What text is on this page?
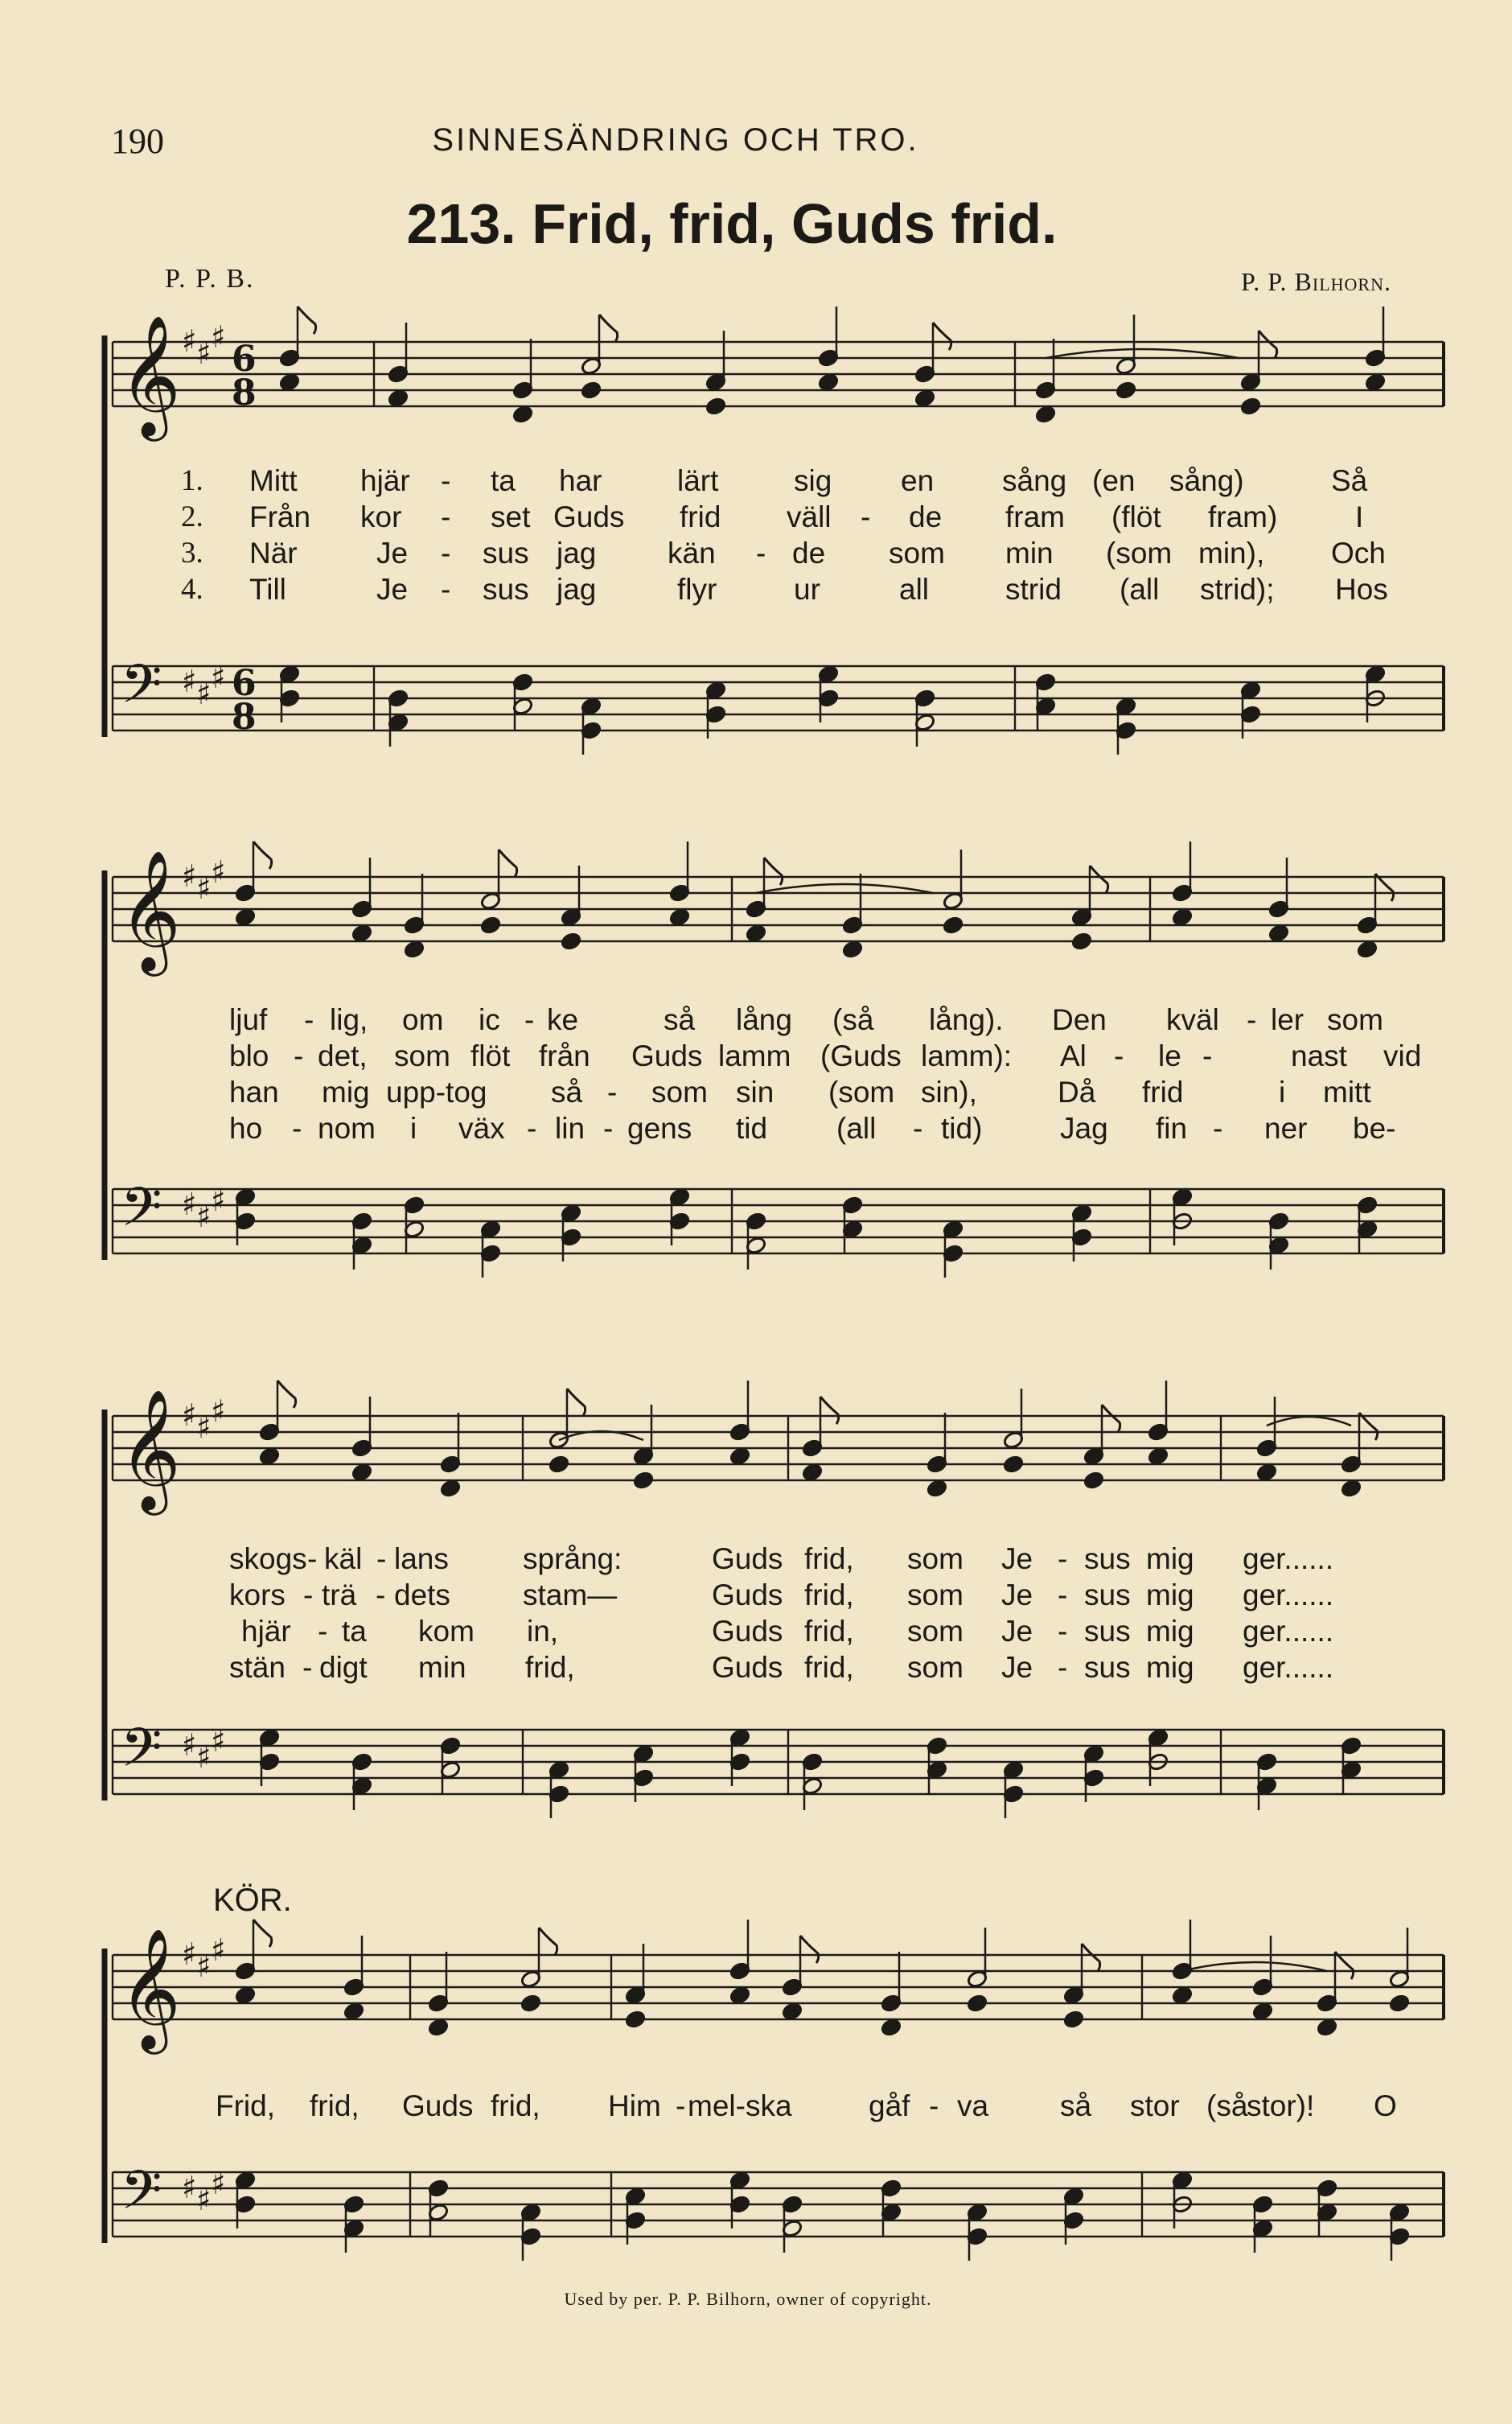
190	SINNESÄNDRING OCH TRO.
213. Frid, frid, Guds frid.
P. P. B.	P. P. Bilhorn.
𝄞
𝄢
♯ ♯ ♯
♯ ♯ ♯
6
8
6
8
1. Mitt hjär - ta har	lärt	sig en sång (en sång)	Så
2. Från kor - set Guds frid väll - de fram (flöt fram)	I
3. När	Je - sus jag kän - de som min (som min), Och
4. Till	Je - sus jag	flyr	ur	all	strid (all strid); Hos
𝄞
𝄢
♯ ♯ ♯
♯ ♯ ♯
ljuf - lig, om ic - ke	så lång (så lång). Den kväl - ler som
blo - det, som flöt från Guds lamm (Guds lamm): Al - le -	nast vid
han mig upp-tog så - som sin (som sin),	Då frid	i mitt
ho - nom i väx - lin - gens tid (all - tid)	Jag fin - ner be-
𝄞
𝄢
♯ ♯ ♯
♯ ♯ ♯
skogs - käl - lans språng:	Guds frid, som Je - sus mig ger......
kors - trä - dets stam—	Guds frid, som Je - sus mig ger......
hjär - ta kom in,	Guds frid, som Je - sus mig ger......
stän - digt min frid,	Guds frid, som Je - sus mig ger......
KÖR.
𝄞
𝄢
♯ ♯ ♯
♯ ♯ ♯
Frid, frid, Guds frid, Him - mel-ska	gåf - va så stor (så
stor)! O
Used by per. P. P. Bilhorn, owner of copyright.
